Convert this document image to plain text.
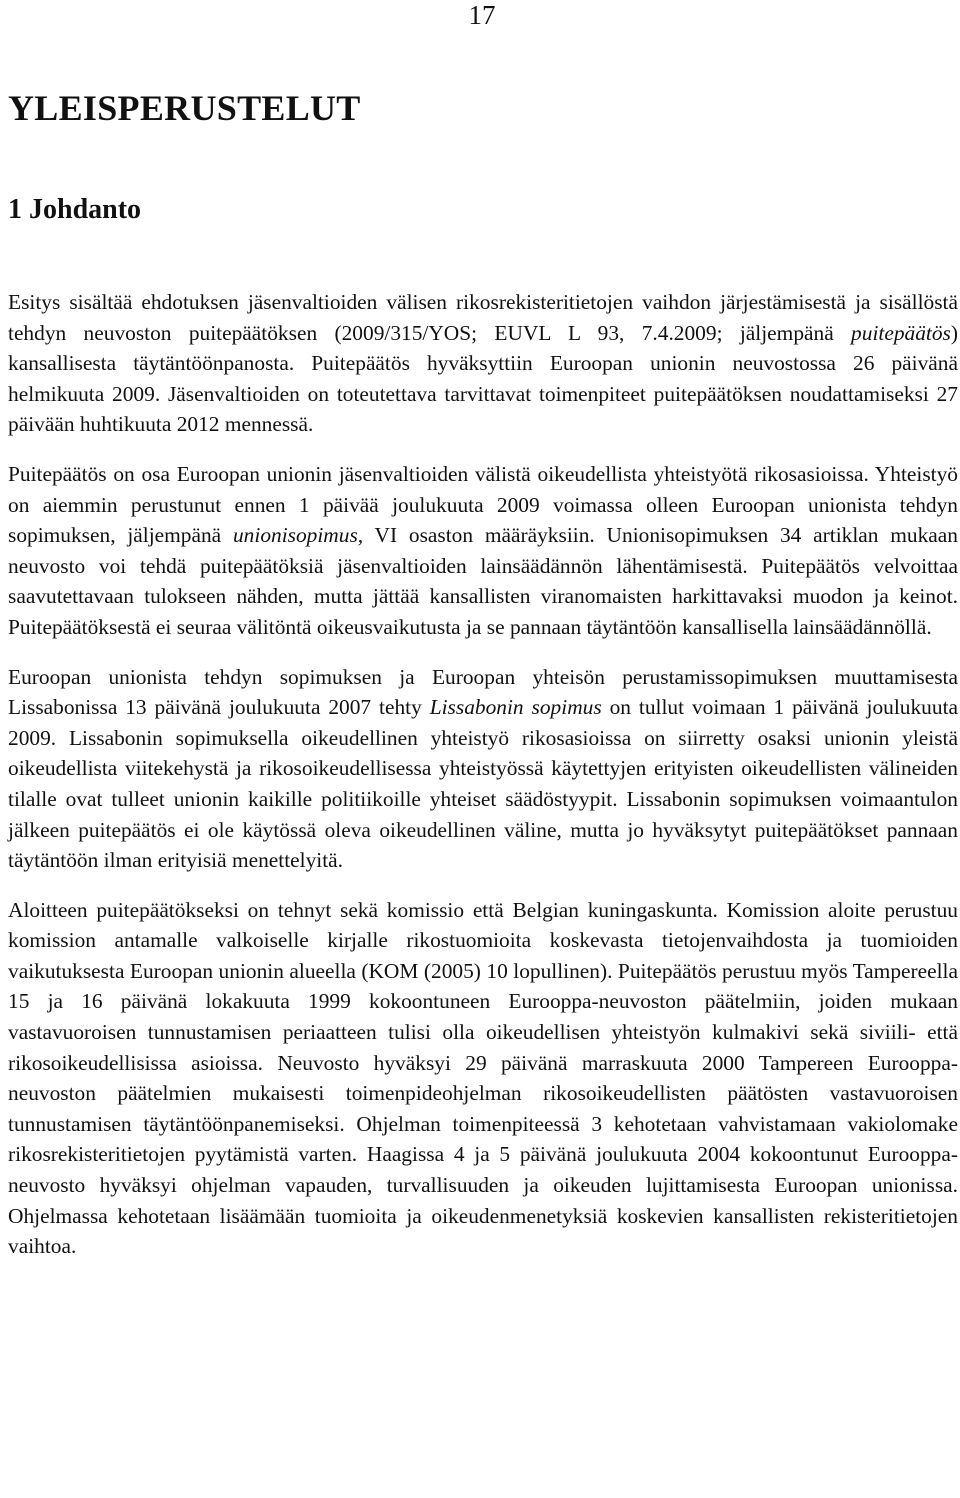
17

YLEISPERUSTELUT
1 Johdanto

Esitys sisältää ehdotuksen jäsenvaltioiden välisen rikosrekisteritietojen vaihdon järjestämisestä ja sisällöstä tehdyn neuvoston puitepäätöksen (2009/315/YOS; EUVL L 93, 7.4.2009; jäljempänä puitepäätös) kansallisesta täytäntöönpanosta. Puitepäätös hyväksyttiin Euroopan unionin neuvostossa 26 päivänä helmikuuta 2009. Jäsenvaltioiden on toteutettava tarvittavat toimenpiteet puitepäätöksen noudattamiseksi 27 päivään huhtikuuta 2012 mennessä.

Puitepäätös on osa Euroopan unionin jäsenvaltioiden välistä oikeudellista yhteistyötä rikosasioissa. Yhteistyö on aiemmin perustunut ennen 1 päivää joulukuuta 2009 voimassa olleen Euroopan unionista tehdyn sopimuksen, jäljempänä unionisopimus, VI osaston määräyksiin. Unionisopimuksen 34 artiklan mukaan neuvosto voi tehdä puitepäätöksiä jäsenvaltioiden lainsäädännön lähentämisestä. Puitepäätös velvoittaa saavutettavaan tulokseen nähden, mutta jättää kansallisten viranomaisten harkittavaksi muodon ja keinot. Puitepäätöksestä ei seuraa välitöntä oikeusvaikutusta ja se pannaan täytäntöön kansallisella lainsäädännöllä.

Euroopan unionista tehdyn sopimuksen ja Euroopan yhteisön perustamissopimuksen muuttamisesta Lissabonissa 13 päivänä joulukuuta 2007 tehty Lissabonin sopimus on tullut voimaan 1 päivänä joulukuuta 2009. Lissabonin sopimuksella oikeudellinen yhteistyö rikosasioissa on siirretty osaksi unionin yleistä oikeudellista viitekehystä ja rikosoikeudellisessa yhteistyössä käytettyjen erityisten oikeudellisten välineiden tilalle ovat tulleet unionin kaikille politiikoille yhteiset säädöstyypit. Lissabonin sopimuksen voimaantulon jälkeen puitepäätös ei ole käytössä oleva oikeudellinen väline, mutta jo hyväksytyt puitepäätökset pannaan täytäntöön ilman erityisiä menettelyitä.

Aloitteen puitepäätökseksi on tehnyt sekä komissio että Belgian kuningaskunta. Komission aloite perustuu komission antamalle valkoiselle kirjalle rikostuomioita koskevasta tietojenvaihdosta ja tuomioiden vaikutuksesta Euroopan unionin alueella (KOM (2005) 10 lopullinen). Puitepäätös perustuu myös Tampereella 15 ja 16 päivänä lokakuuta 1999 kokoontuneen Eurooppa-neuvoston päätelmiin, joiden mukaan vastavuoroisen tunnustamisen periaatteen tulisi olla oikeudellisen yhteistyön kulmakivi sekä siviili- että rikosoikeudellisissa asioissa. Neuvosto hyväksyi 29 päivänä marraskuuta 2000 Tampereen Eurooppa-neuvoston päätelmien mukaisesti toimenpideohjelman rikosoikeudellisten päätösten vastavuoroisen tunnustamisen täytäntöönpanemiseksi. Ohjelman toimenpiteessä 3 kehotetaan vahvistamaan vakiolomake rikosrekisteritietojen pyytämistä varten. Haagissa 4 ja 5 päivänä joulukuuta 2004 kokoontunut Eurooppa-neuvosto hyväksyi ohjelman vapauden, turvallisuuden ja oikeuden lujittamisesta Euroopan unionissa. Ohjelmassa kehotetaan lisäämään tuomioita ja oikeudenmenetyksiä koskevien kansallisten rekisteritietojen vaihtoa.
